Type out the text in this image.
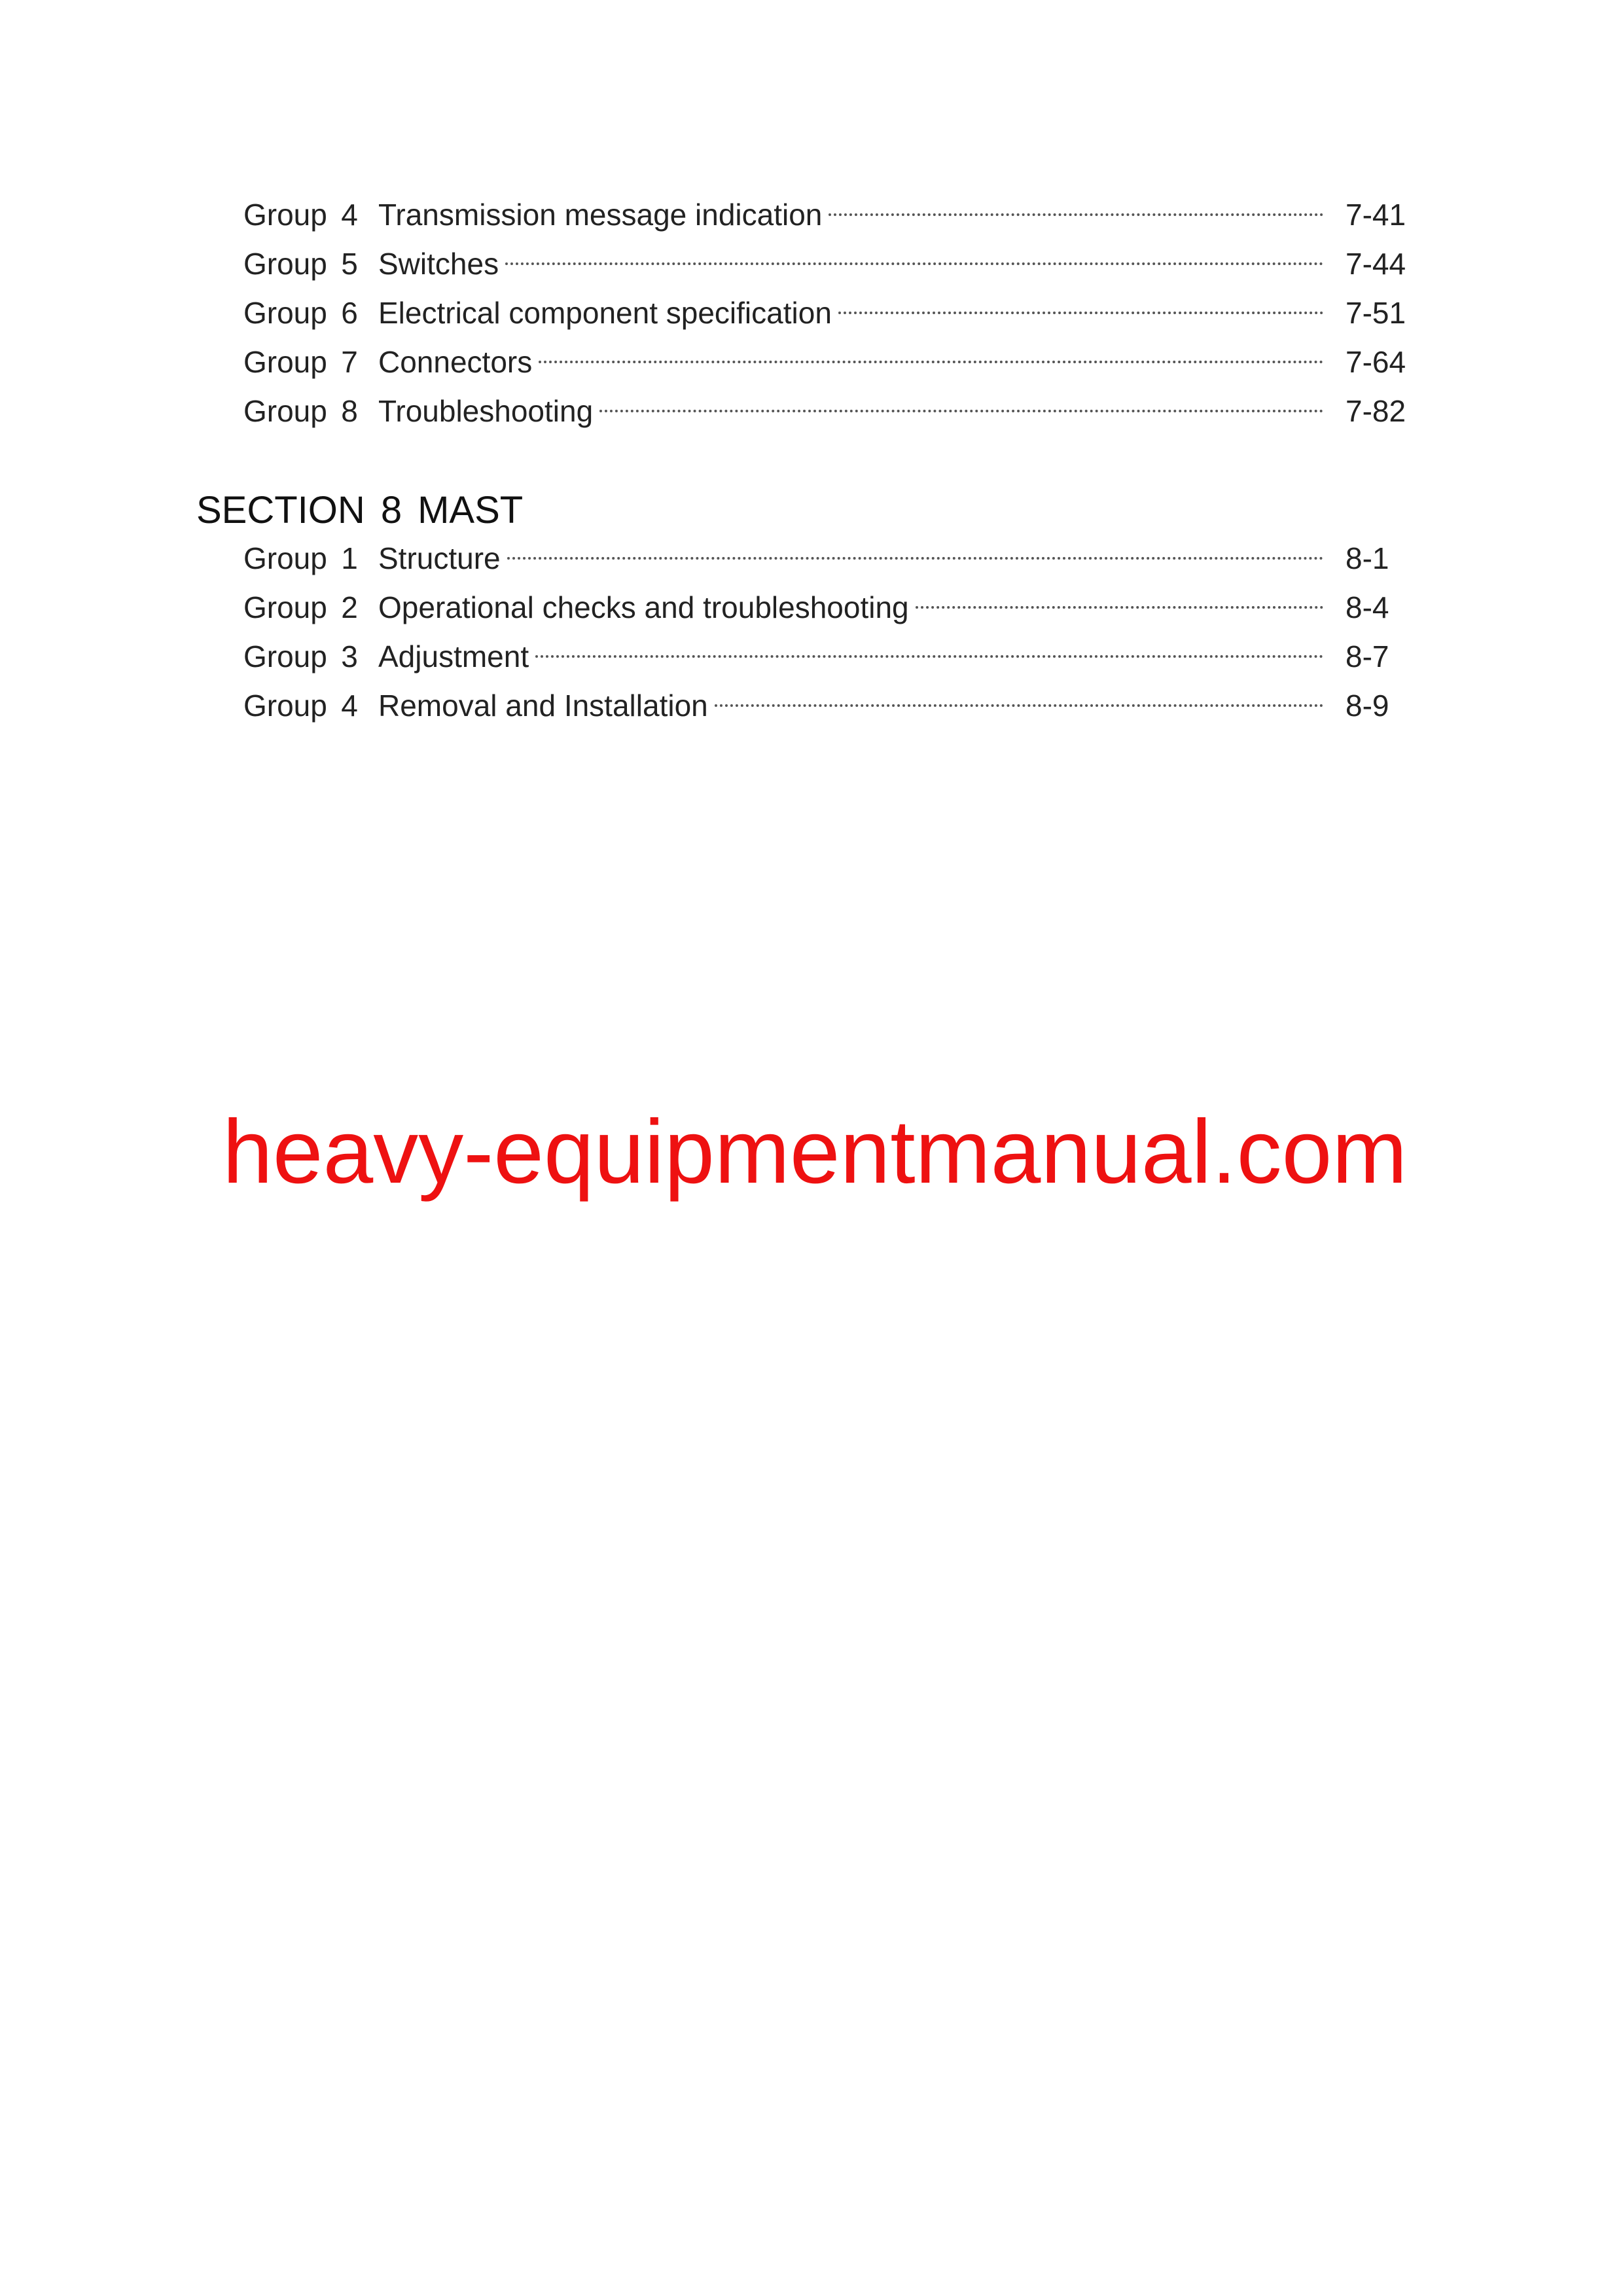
Group 4 Transmission message indication	7-41
Group 5 Switches	7-44
Group 6 Electrical component specification	7-51
Group 7 Connectors	7-64
Group 8 Troubleshooting	7-82
SECTION 8 MAST
Group 1 Structure	8-1
Group 2 Operational checks and troubleshooting	8-4
Group 3 Adjustment	8-7
Group 4 Removal and Installation	8-9
heavy-equipmentmanual.com
